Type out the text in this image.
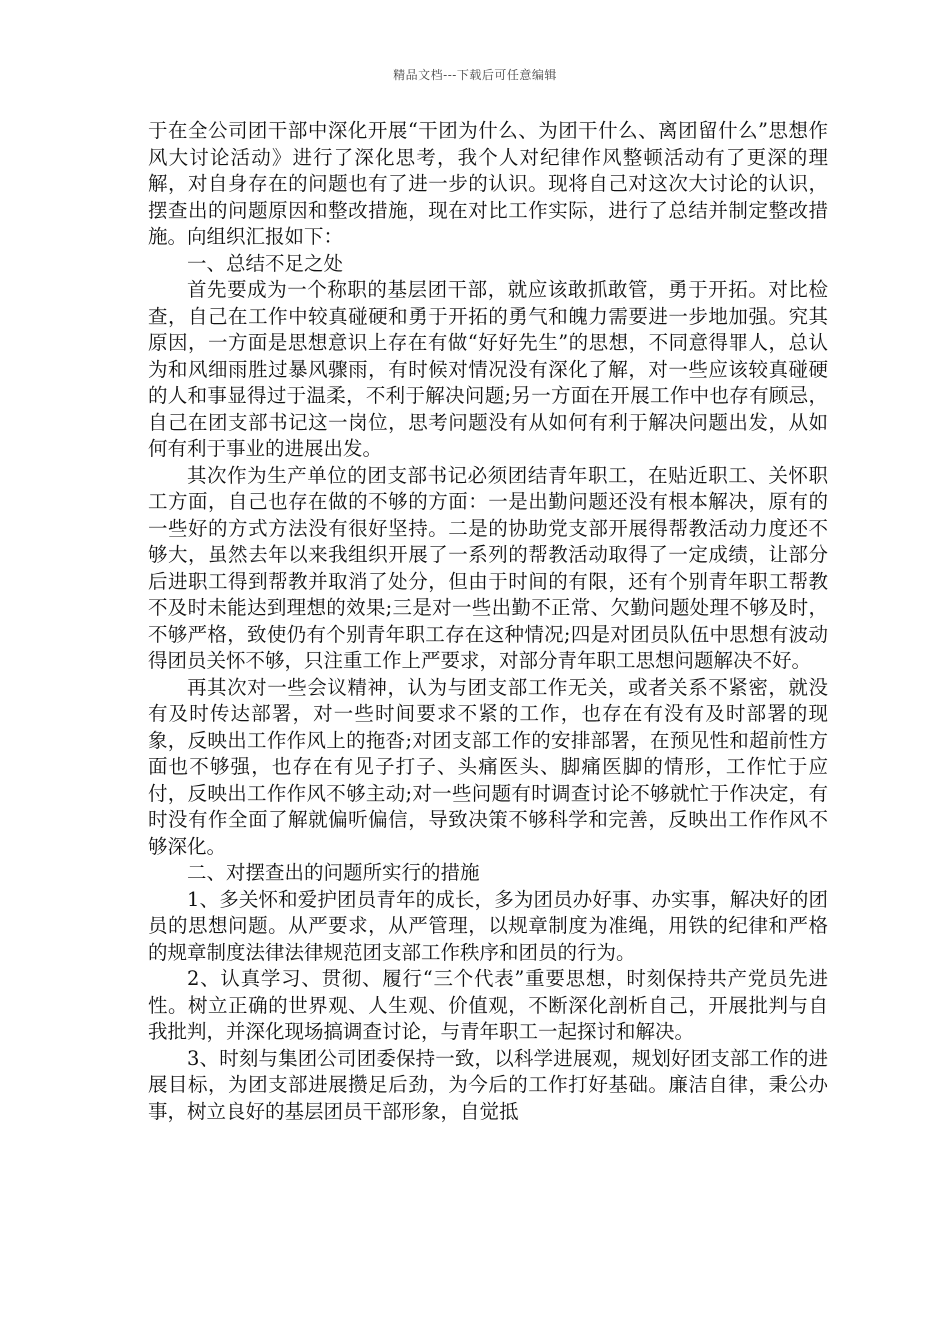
精品文档---下载后可任意编辑

于在全公司团干部中深化开展“干团为什么、为团干什么、离团留什么”思想作风大讨论活动》进行了深化思考，我个人对纪律作风整顿活动有了更深的理解，对自身存在的问题也有了进一步的认识。现将自己对这次大讨论的认识，摆查出的问题原因和整改措施，现在对比工作实际，进行了总结并制定整改措施。向组织汇报如下：

一、总结不足之处

首先要成为一个称职的基层团干部，就应该敢抓敢管，勇于开拓。对比检查，自己在工作中较真碰硬和勇于开拓的勇气和魄力需要进一步地加强。究其原因，一方面是思想意识上存在有做“好好先生”的思想，不同意得罪人，总认为和风细雨胜过暴风骤雨，有时候对情况没有深化了解，对一些应该较真碰硬的人和事显得过于温柔，不利于解决问题;另一方面在开展工作中也存有顾忌，自己在团支部书记这一岗位，思考问题没有从如何有利于解决问题出发，从如何有利于事业的进展出发。

其次作为生产单位的团支部书记必须团结青年职工，在贴近职工、关怀职工方面，自己也存在做的不够的方面：一是出勤问题还没有根本解决，原有的一些好的方式方法没有很好坚持。二是的协助党支部开展得帮教活动力度还不够大，虽然去年以来我组织开展了一系列的帮教活动取得了一定成绩，让部分后进职工得到帮教并取消了处分，但由于时间的有限，还有个别青年职工帮教不及时未能达到理想的效果;三是对一些出勤不正常、欠勤问题处理不够及时，不够严格，致使仍有个别青年职工存在这种情况;四是对团员队伍中思想有波动得团员关怀不够，只注重工作上严要求，对部分青年职工思想问题解决不好。

再其次对一些会议精神，认为与团支部工作无关，或者关系不紧密，就没有及时传达部署，对一些时间要求不紧的工作，也存在有没有及时部署的现象，反映出工作作风上的拖沓;对团支部工作的安排部署，在预见性和超前性方面也不够强，也存在有见子打子、头痛医头、脚痛医脚的情形，工作忙于应付，反映出工作作风不够主动;对一些问题有时调查讨论不够就忙于作决定，有时没有作全面了解就偏听偏信，导致决策不够科学和完善，反映出工作作风不够深化。

二、对摆查出的问题所实行的措施

1、多关怀和爱护团员青年的成长，多为团员办好事、办实事，解决好的团员的思想问题。从严要求，从严管理，以规章制度为准绳，用铁的纪律和严格的规章制度法律法律规范团支部工作秩序和团员的行为。

2、认真学习、贯彻、履行“三个代表”重要思想，时刻保持共产党员先进性。树立正确的世界观、人生观、价值观，不断深化剖析自己，开展批判与自我批判，并深化现场搞调查讨论，与青年职工一起探讨和解决。

3、时刻与集团公司团委保持一致，以科学进展观，规划好团支部工作的进展目标，为团支部进展攒足后劲，为今后的工作打好基础。廉洁自律，秉公办事，树立良好的基层团员干部形象，自觉抵
